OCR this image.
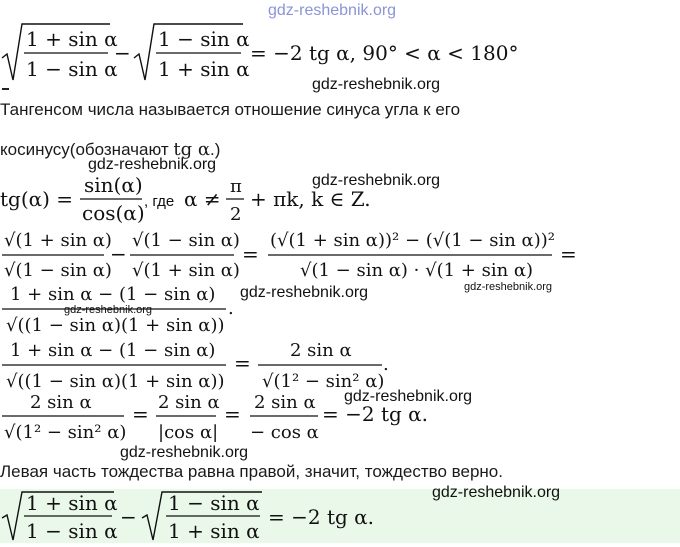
gdz-reshebnik.org
1 + sin α
1 − sin α
−
1 − sin α
1 + sin α
= −2 tg α, 90° < α < 180°.
gdz-reshebnik.org
Тангенсом числа называется отношение синуса угла к его
косинусу(обозначают tg α.)
gdz-reshebnik.org
gdz-reshebnik.org
tg(α) =
sin(α)
cos(α) , где α ≠
π
2
+ πk, k ∈ Z.
√(1 + sin α)
√(1 − sin α)
−
√(1 − sin α)
√(1 + sin α)
=
(√(1 + sin α))² − (√(1 − sin α))²
√(1 − sin α) · √(1 + sin α)
=
gdz-reshebnik.org
gdz-reshebnik.org
1 + sin α − (1 − sin α)
√((1 − sin α)(1 + sin α))
.
gdz-reshebnik.org
1 + sin α − (1 − sin α)
√((1 − sin α)(1 + sin α))
=
2 sin α
√(1² − sin² α)
.
gdz-reshebnik.org
2 sin α
√(1² − sin² α)
= 2 sin α
|cos α|
= 2 sin α
− cos α
= −2 tg α.
gdz-reshebnik.org
Левая часть тождества равна правой, значит, тождество верно.
gdz-reshebnik.org
1 + sin α
1 − sin α
−
1 − sin α
1 + sin α
= −2 tg α.
